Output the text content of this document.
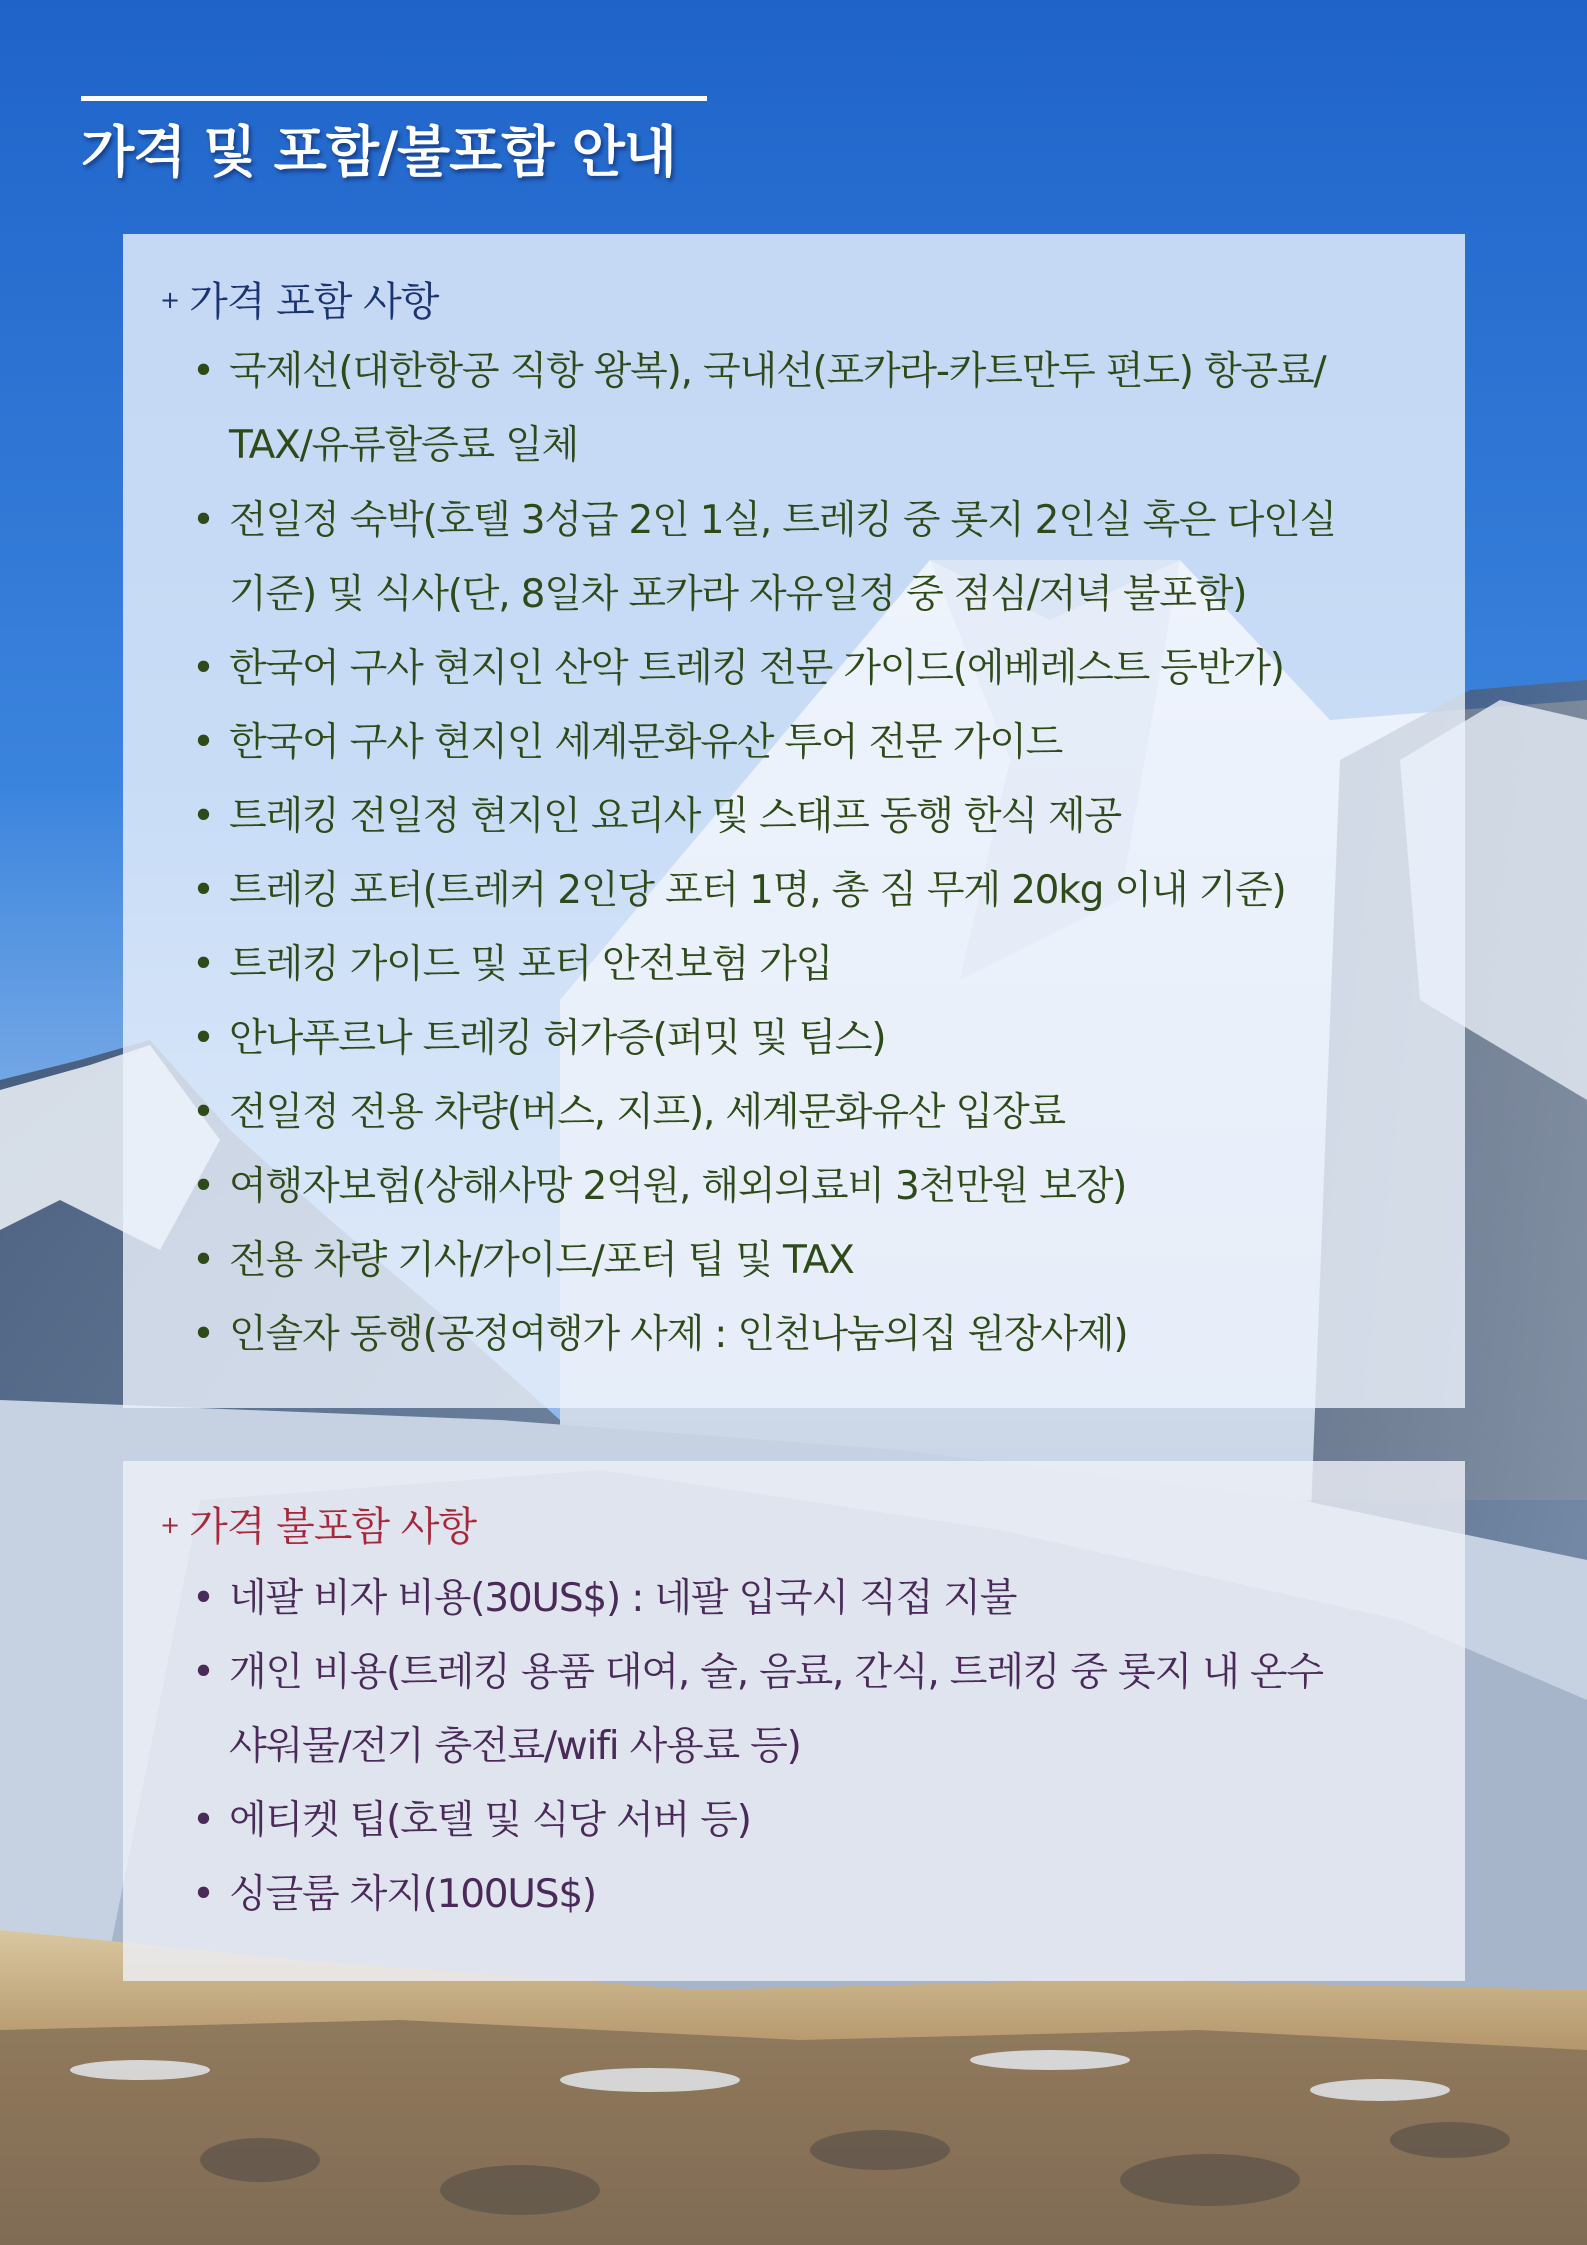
가격 및 포함/불포함 안내
+ 가격 포함 사항
• 국제선(대한항공 직항 왕복), 국내선(포카라-카트만두 편도) 항공료/
TAX/유류할증료 일체
• 전일정 숙박(호텔 3성급 2인 1실, 트레킹 중 롯지 2인실 혹은 다인실
기준) 및 식사(단, 8일차 포카라 자유일정 중 점심/저녁 불포함)
• 한국어 구사 현지인 산악 트레킹 전문 가이드(에베레스트 등반가)
• 한국어 구사 현지인 세계문화유산 투어 전문 가이드
• 트레킹 전일정 현지인 요리사 및 스태프 동행 한식 제공
• 트레킹 포터(트레커 2인당 포터 1명, 총 짐 무게 20kg 이내 기준)
• 트레킹 가이드 및 포터 안전보험 가입
• 안나푸르나 트레킹 허가증(퍼밋 및 팀스)
• 전일정 전용 차량(버스, 지프), 세계문화유산 입장료
• 여행자보험(상해사망 2억원, 해외의료비 3천만원 보장)
• 전용 차량 기사/가이드/포터 팁 및 TAX
• 인솔자 동행(공정여행가 사제 : 인천나눔의집 원장사제)
+ 가격 불포함 사항
• 네팔 비자 비용(30US$) : 네팔 입국시 직접 지불
• 개인 비용(트레킹 용품 대여, 술, 음료, 간식, 트레킹 중 롯지 내 온수
샤워물/전기 충전료/wifi 사용료 등)
• 에티켓 팁(호텔 및 식당 서버 등)
• 싱글룸 차지(100US$)
